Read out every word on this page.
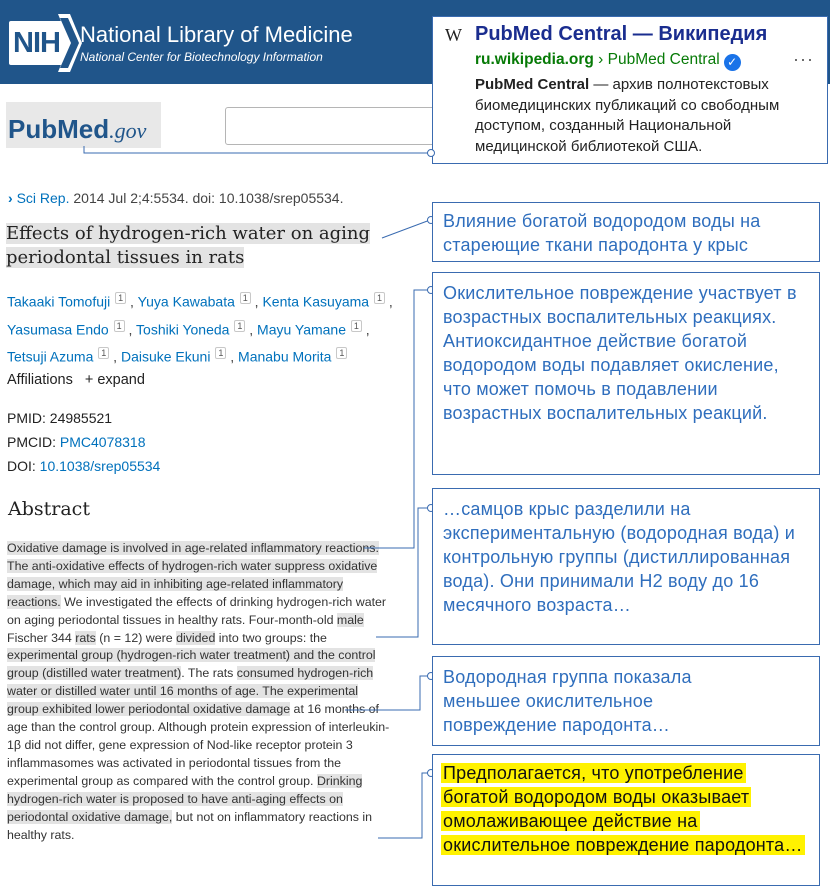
NIH National Library of Medicine
National Center for Biotechnology Information
PubMed.gov
W PubMed Central — Википедия
ru.wikipedia.org › PubMed Central ✓	···
PubMed Central — архив полнотекстовых биомедицинских публикаций со свободным доступом, созданный Национальной медицинской библиотекой США.
› Sci Rep. 2014 Jul 2;4:5534. doi: 10.1038/srep05534.
Effects of hydrogen-rich water on aging periodontal tissues in rats
Takaaki Tomofuji $^1$ , Yuya Kawabata $^1$ , Kenta Kasuyama $^1$ , Yasumasa Endo $^1$ , Toshiki Yoneda $^1$ , Mayu Yamane $^1$ , Tetsuji Azuma $^1$ , Daisuke Ekuni $^1$ , Manabu Morita $^1$
Affiliations + expand
PMID: 24985521
PMCID: PMC4078318
DOI: 10.1038/srep05534
Abstract
Oxidative damage is involved in age-related inflammatory reactions. The anti-oxidative effects of hydrogen-rich water suppress oxidative damage, which may aid in inhibiting age-related inflammatory reactions. We investigated the effects of drinking hydrogen-rich water on aging periodontal tissues in healthy rats. Four-month-old male Fischer 344 rats (n = 12) were divided into two groups: the experimental group (hydrogen-rich water treatment) and the control group (distilled water treatment). The rats consumed hydrogen-rich water or distilled water until 16 months of age. The experimental group exhibited lower periodontal oxidative damage at 16 months of age than the control group. Although protein expression of interleukin-1β did not differ, gene expression of Nod-like receptor protein 3 inflammasomes was activated in periodontal tissues from the experimental group as compared with the control group. Drinking hydrogen-rich water is proposed to have anti-aging effects on periodontal oxidative damage, but not on inflammatory reactions in healthy rats.
Влияние богатой водородом воды на стареющие ткани пародонта у крыс
Окислительное повреждение участвует в возрастных воспалительных реакциях. Антиоксидантное действие богатой водородом воды подавляет окисление, что может помочь в подавлении возрастных воспалительных реакций.
…самцов крыс разделили на экспериментальную (водородная вода) и контрольную группы (дистиллированная вода). Они принимали H2 воду до 16 месячного возраста…
Водородная группа показала меньшее окислительное повреждение пародонта…
Предполагается, что употребление богатой водородом воды оказывает омолаживающее действие на окислительное повреждение пародонта…
